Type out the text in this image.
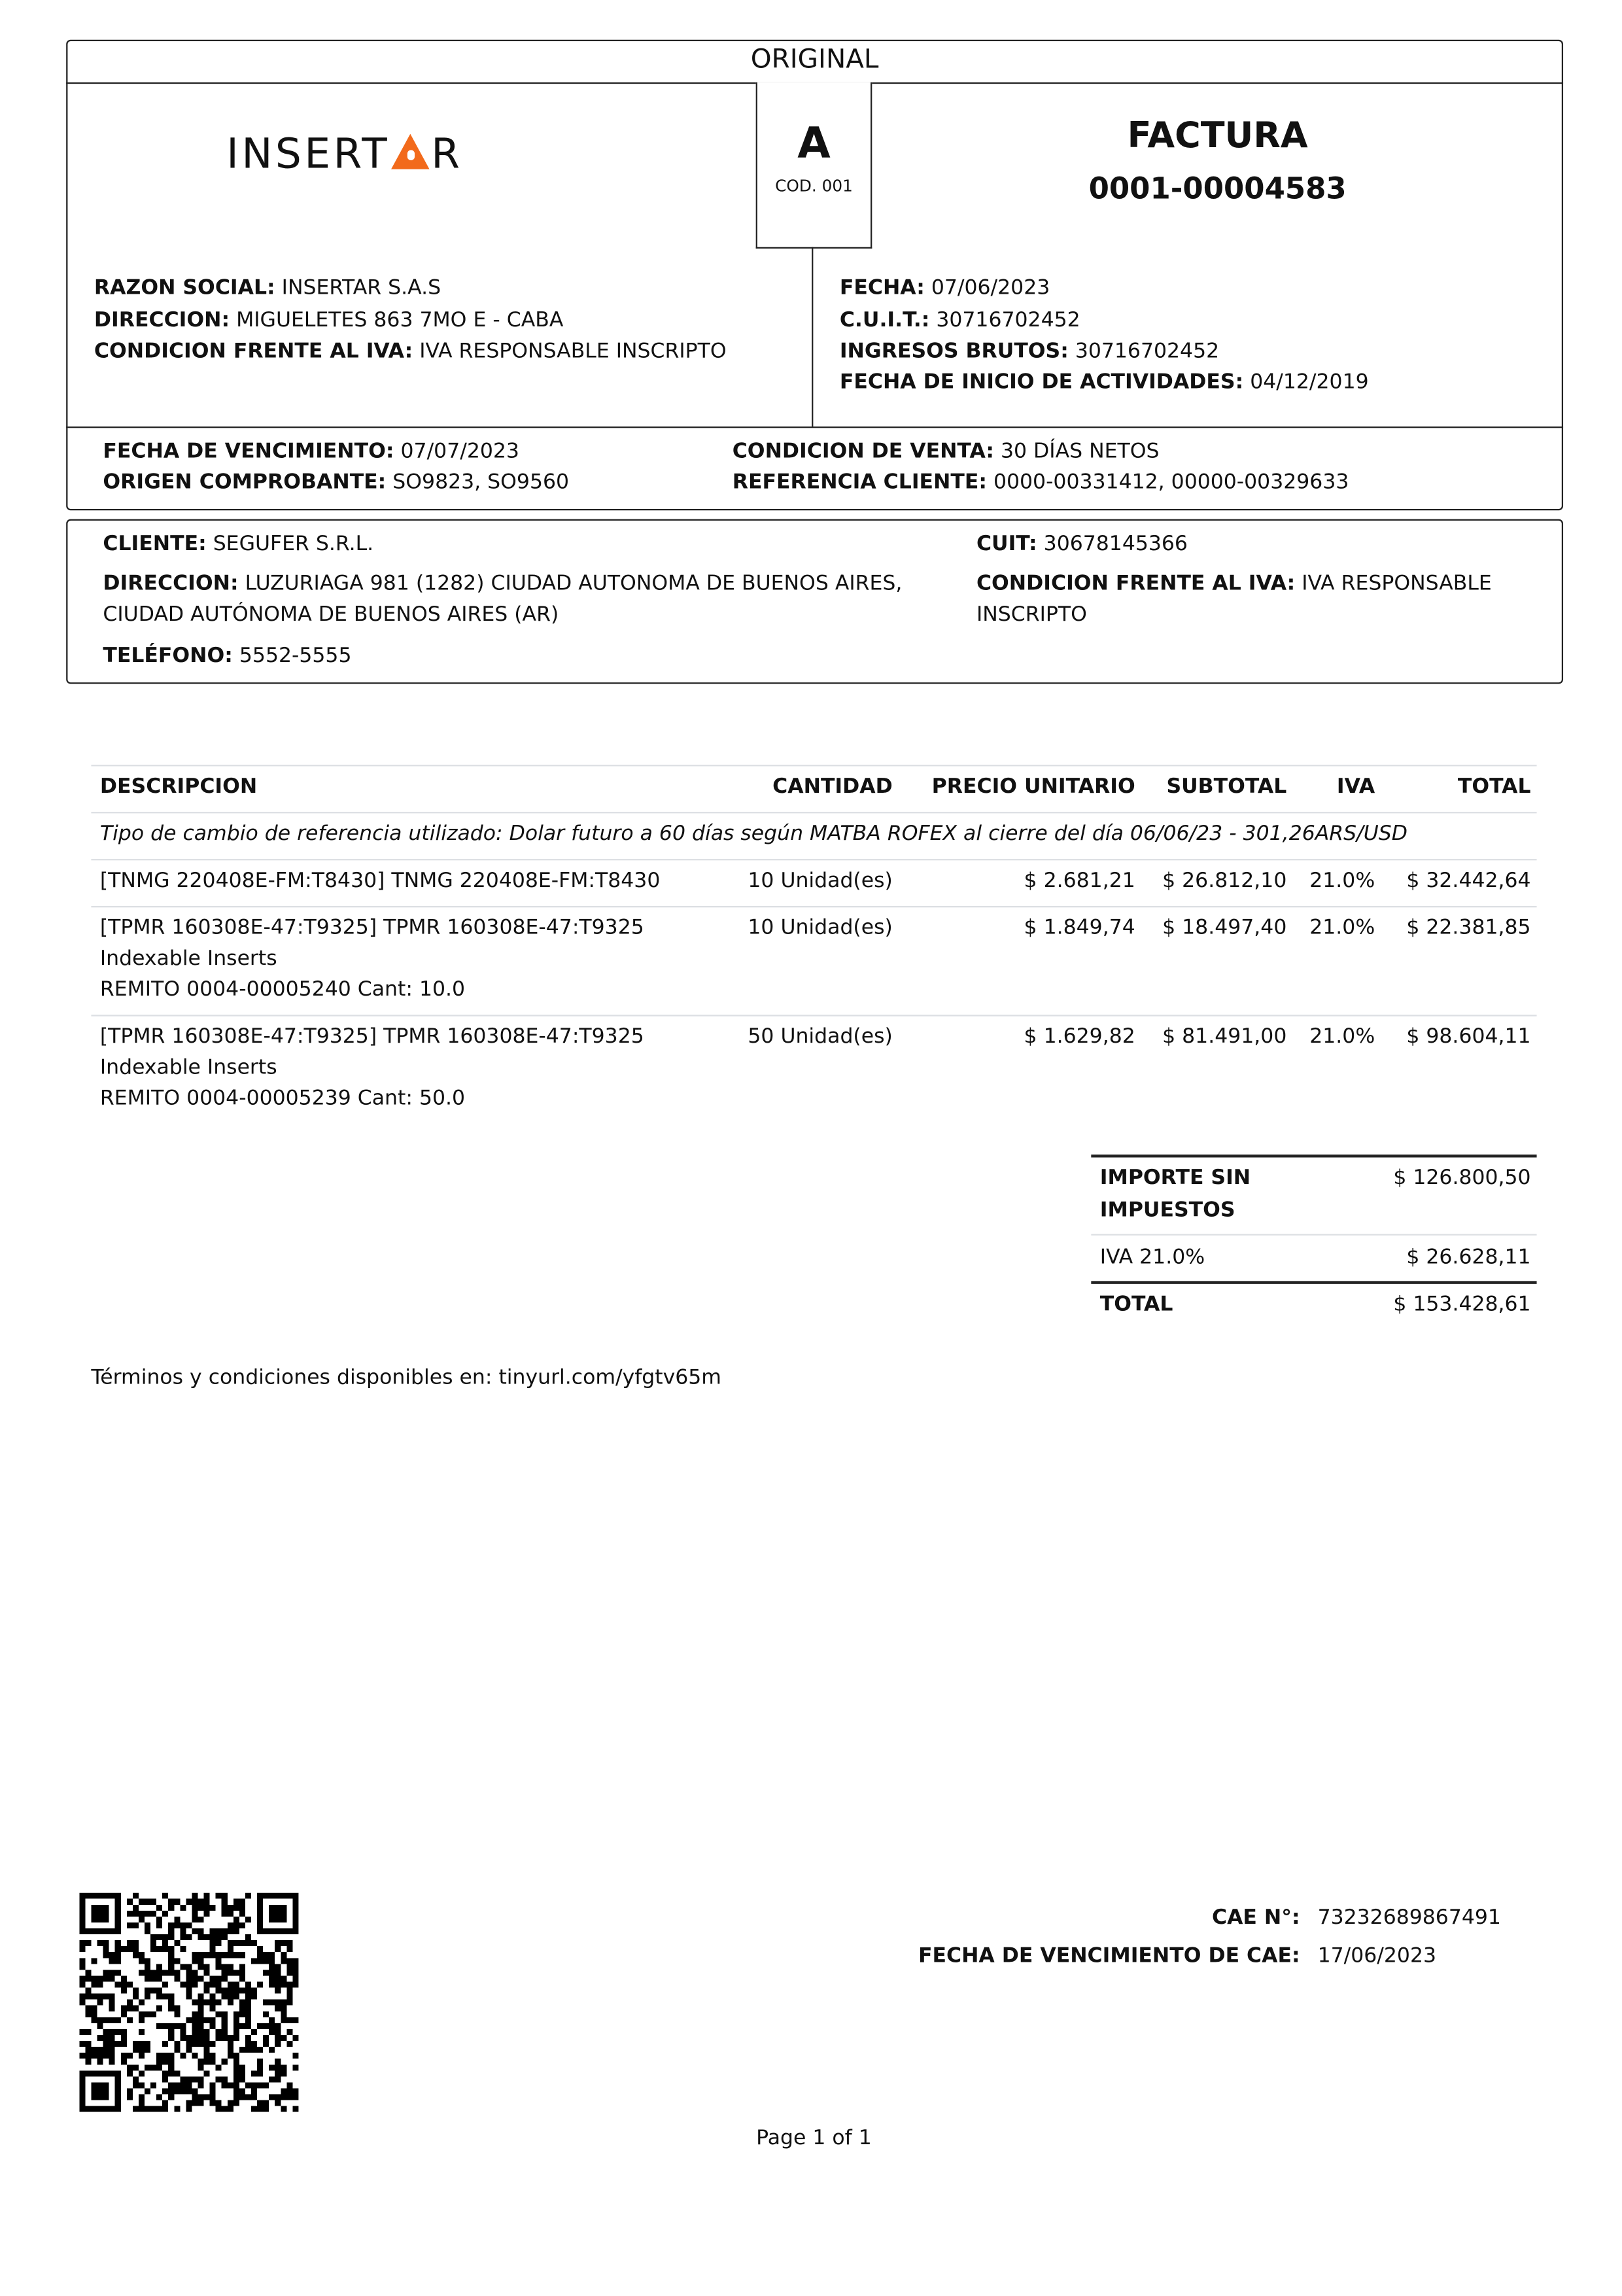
ORIGINAL
A
COD. 001
INSERT R	FACTURA
0001-00004583
RAZON SOCIAL: INSERTAR S.A.S
DIRECCION: MIGUELETES 863 7MO E - CABA
CONDICION FRENTE AL IVA: IVA RESPONSABLE INSCRIPTO
FECHA: 07/06/2023
C.U.I.T.: 30716702452
INGRESOS BRUTOS: 30716702452
FECHA DE INICIO DE ACTIVIDADES: 04/12/2019
FECHA DE VENCIMIENTO: 07/07/2023
ORIGEN COMPROBANTE: SO9823, SO9560
CONDICION DE VENTA: 30 DÍAS NETOS
REFERENCIA CLIENTE: 0000-00331412, 00000-00329633
CLIENTE: SEGUFER S.R.L.	CUIT: 30678145366
DIRECCION: LUZURIAGA 981 (1282) CIUDAD AUTONOMA DE BUENOS AIRES,
CIUDAD AUTÓNOMA DE BUENOS AIRES (AR)
CONDICION FRENTE AL IVA: IVA RESPONSABLE
INSCRIPTO
TELÉFONO: 5552-5555
DESCRIPCION	CANTIDAD	PRECIO UNITARIO	SUBTOTAL	IVA	TOTAL
Tipo de cambio de referencia utilizado: Dolar futuro a 60 días según MATBA ROFEX al cierre del día 06/06/23 - 301,26ARS/USD
[TNMG 220408E-FM:T8430] TNMG 220408E-FM:T8430	10 Unidad(es)	$ 2.681,21	$ 26.812,10 21.0%	$ 32.442,64
[TPMR 160308E-47:T9325] TPMR 160308E-47:T9325
Indexable Inserts
REMITO 0004-00005240 Cant: 10.0
10 Unidad(es)	$ 1.849,74	$ 18.497,40 21.0%	$ 22.381,85
[TPMR 160308E-47:T9325] TPMR 160308E-47:T9325
Indexable Inserts
REMITO 0004-00005239 Cant: 50.0
50 Unidad(es)	$ 1.629,82	$ 81.491,00 21.0%	$ 98.604,11
IMPORTE SIN
IMPUESTOS
$ 126.800,50
IVA 21.0%	$ 26.628,11
TOTAL	$ 153.428,61
Términos y condiciones disponibles en: tinyurl.com/yfgtv65m
CAE N°: 73232689867491
FECHA DE VENCIMIENTO DE CAE: 17/06/2023
Page 1 of 1
